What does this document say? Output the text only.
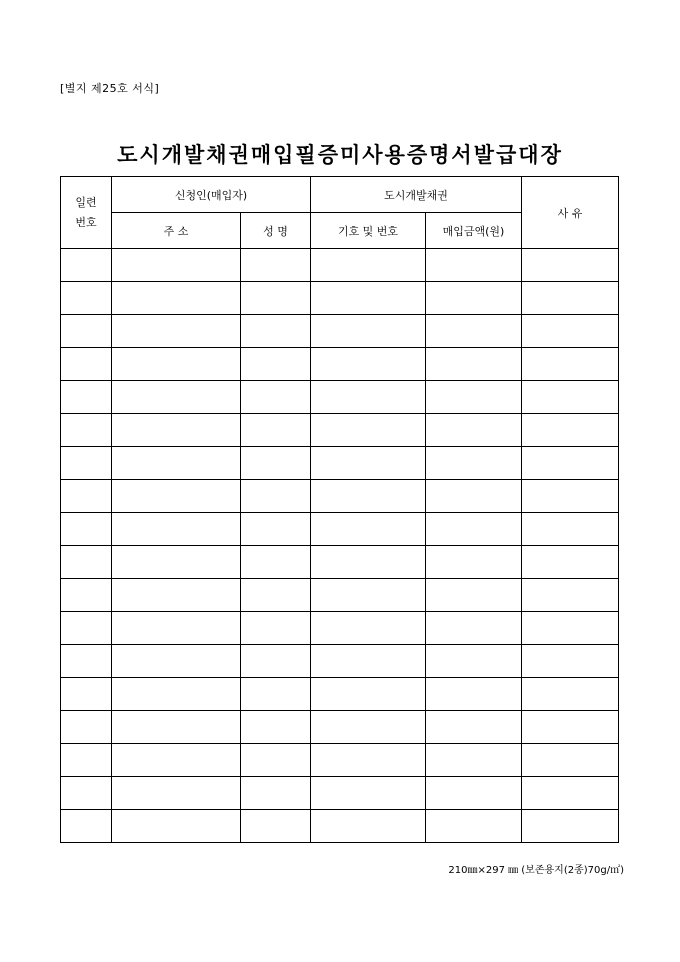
[별지 제25호 서식]
도시개발채권매입필증미사용증명서발급대장
일련
번호	신청인(매입자)		도시개발채권		사 유
	주 소	성 명	기호 및 번호	매입금액(원)	

210㎜×297 ㎜ (보존용지(2종)70g/㎡)
